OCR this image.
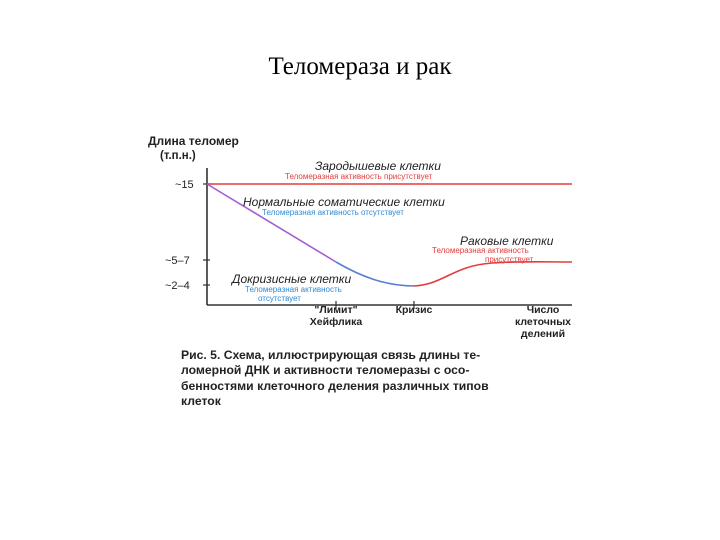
Теломераза и рак
Длина теломер
(т.п.н.)
~15
~5–7
~2–4
"Лимит"
Хейфлика
Кризис	Число
клеточных
делений
Зародышевые клетки
Теломеразная активность присутствует
Нормальные соматические клетки
Теломеразная активность отсутствует
Раковые клетки
Теломеразная активность
присутствует
Докризисные клетки
Теломеразная активность
отсутствует
Рис. 5. Схема, иллюстрирующая связь длины те-
ломерной ДНК и активности теломеразы с осо-
бенностями клеточного деления различных типов
клеток
